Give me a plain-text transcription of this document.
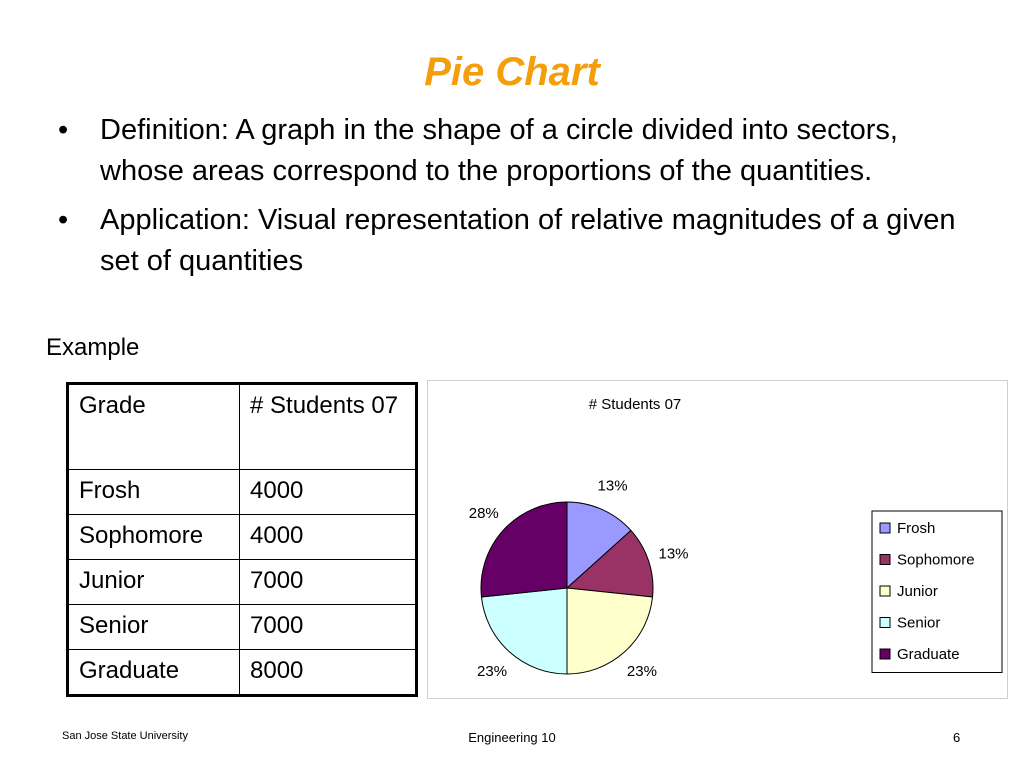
Pie Chart
• Definition: A graph in the shape of a circle divided into sectors, whose areas correspond to the proportions of the quantities.
• Application: Visual representation of relative magnitudes of a given set of quantities
Example
Grade	# Students 07
Frosh	4000
Sophomore	4000
Junior	7000
Senior	7000
Graduate	8000
# Students 07
13%
13%
23%
23%
28%
Frosh
Sophomore
Junior
Senior
Graduate
San Jose State University	Engineering 10	6
